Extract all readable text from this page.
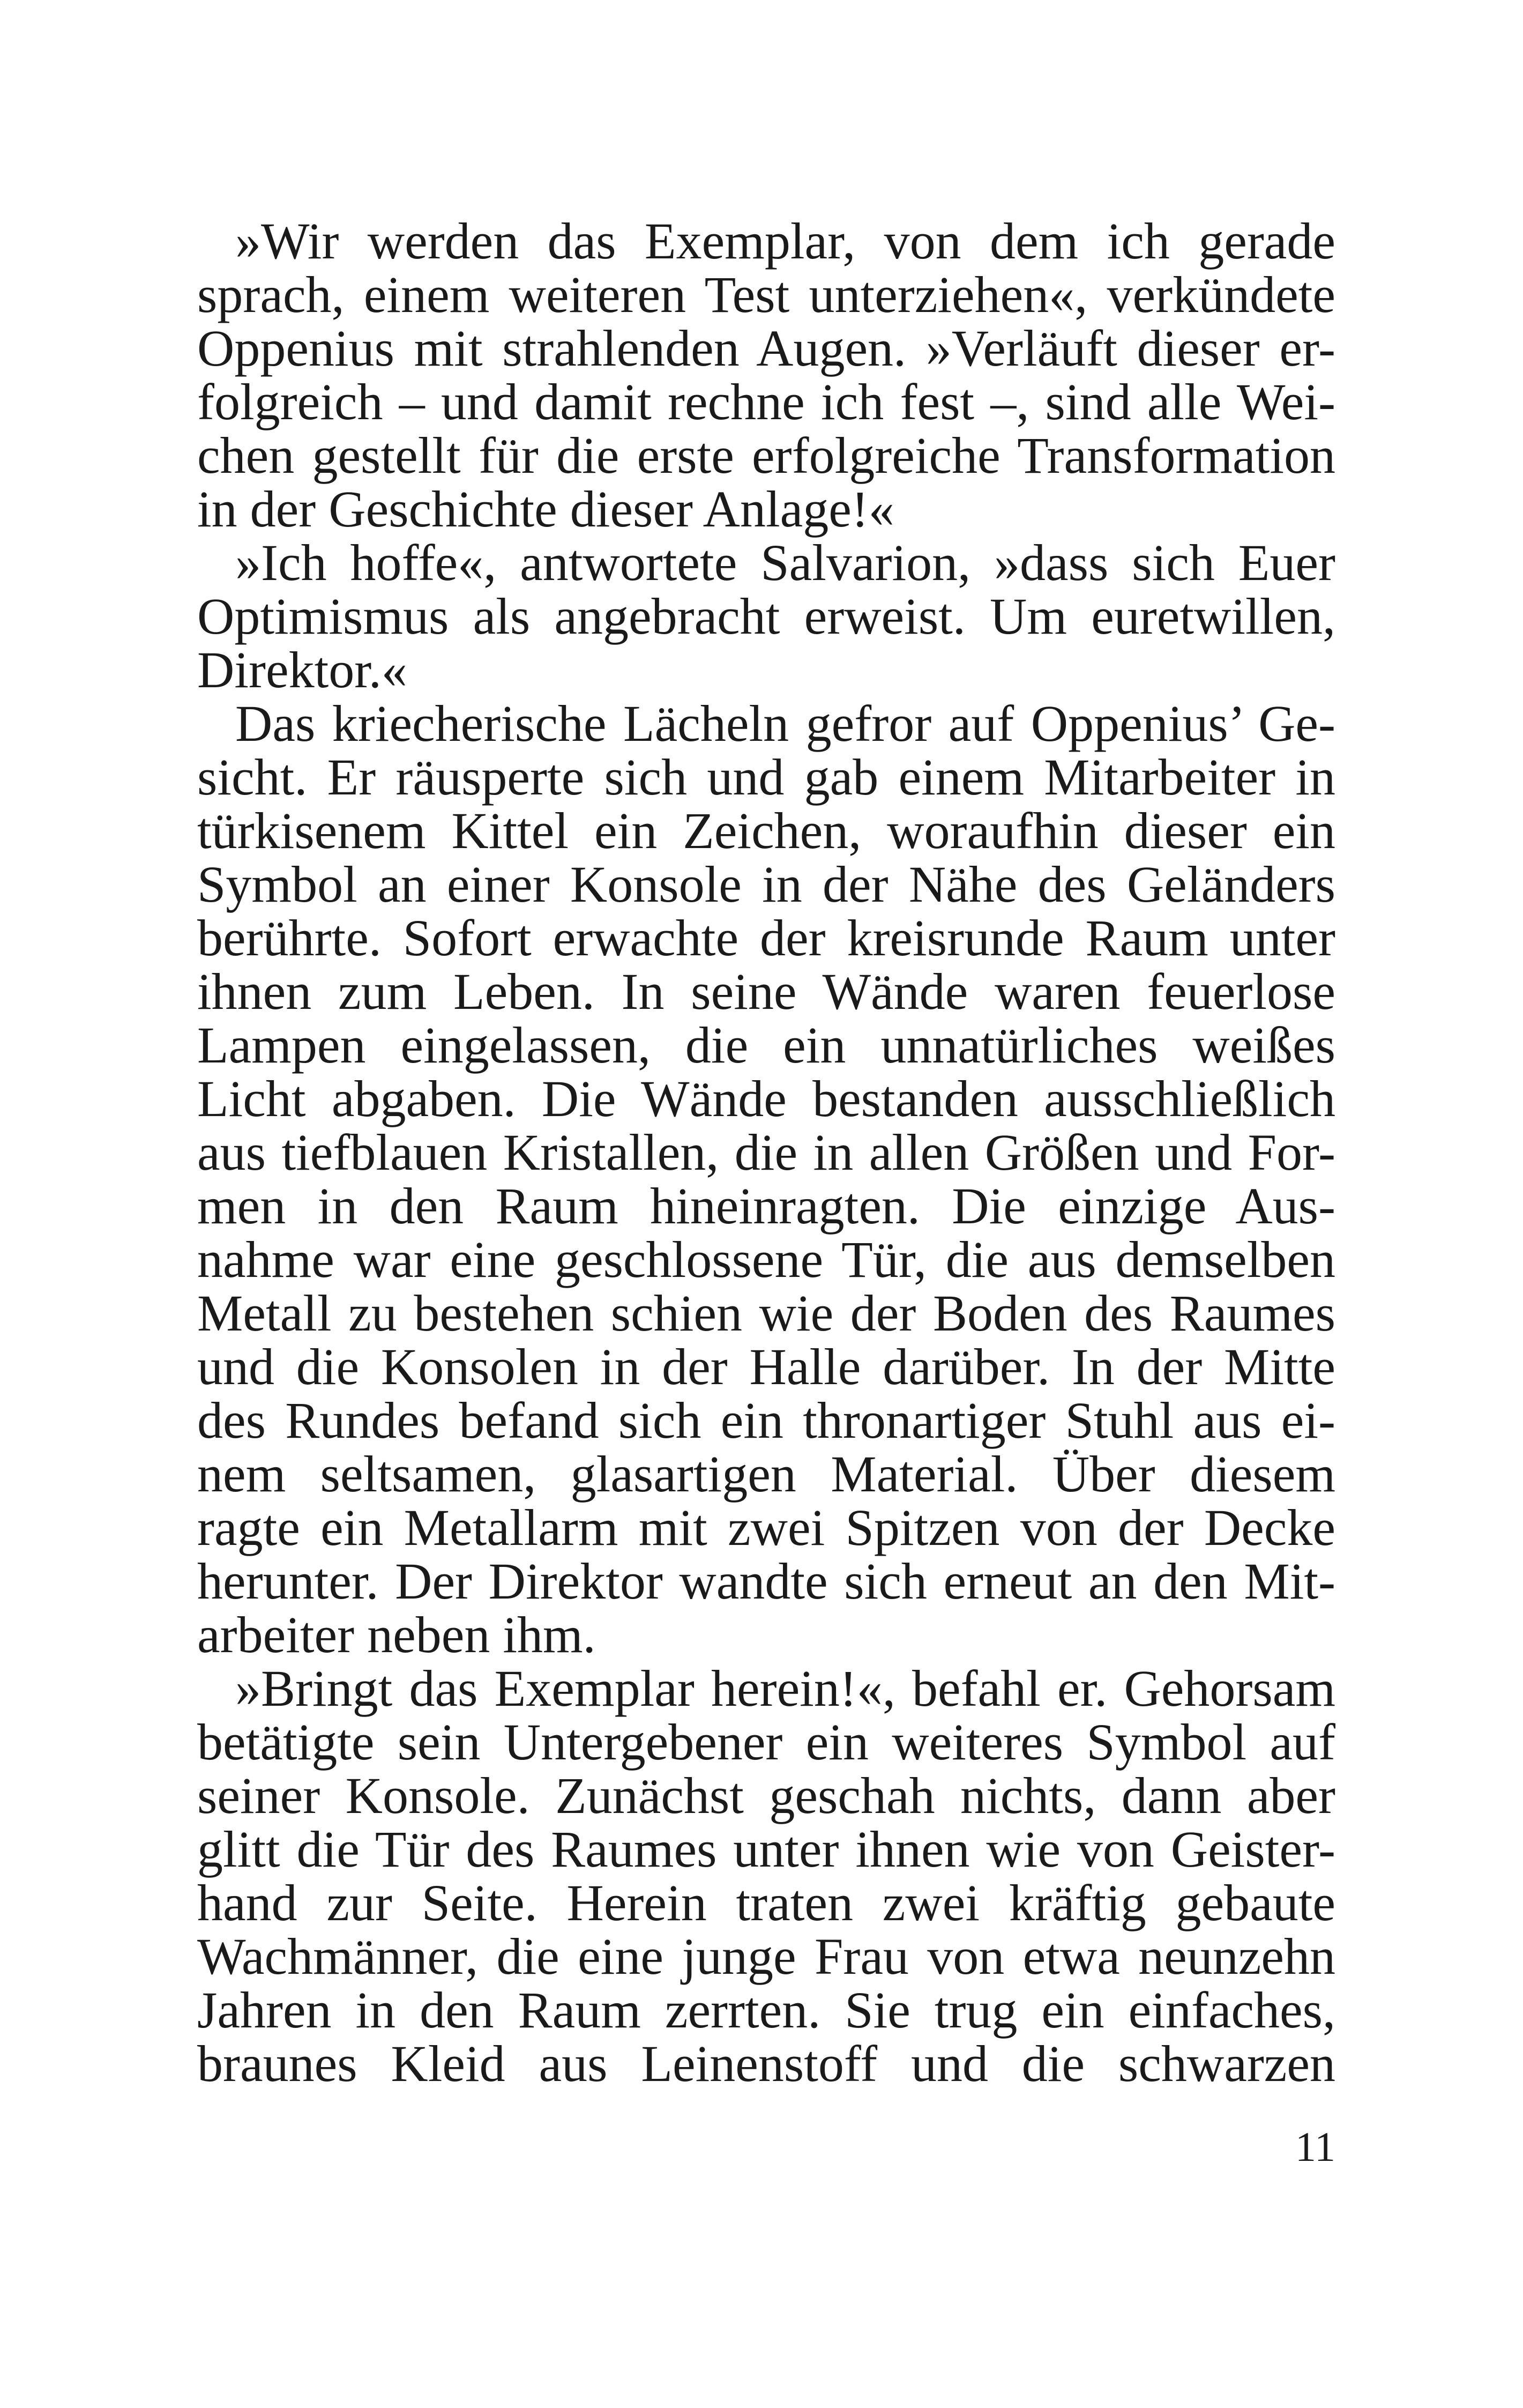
»Wir werden das Exemplar, von dem ich gerade
sprach, einem weiteren Test unterziehen«, verkündete
Oppenius mit strahlenden Augen. »Verläuft dieser er-
folgreich – und damit rechne ich fest –, sind alle Wei-
chen gestellt für die erste erfolgreiche Transformation
in der Geschichte dieser Anlage!«
»Ich hoffe«, antwortete Salvarion, »dass sich Euer
Optimismus als angebracht erweist. Um euretwillen,
Direktor.«
Das kriecherische Lächeln gefror auf Oppenius’ Ge-
sicht. Er räusperte sich und gab einem Mitarbeiter in
türkisenem Kittel ein Zeichen, woraufhin dieser ein
Symbol an einer Konsole in der Nähe des Geländers
berührte. Sofort erwachte der kreisrunde Raum unter
ihnen zum Leben. In seine Wände waren feuerlose
Lampen eingelassen, die ein unnatürliches weißes
Licht abgaben. Die Wände bestanden ausschließlich
aus tiefblauen Kristallen, die in allen Größen und For-
men in den Raum hineinragten. Die einzige Aus-
nahme war eine geschlossene Tür, die aus demselben
Metall zu bestehen schien wie der Boden des Raumes
und die Konsolen in der Halle darüber. In der Mitte
des Rundes befand sich ein thronartiger Stuhl aus ei-
nem seltsamen, glasartigen Material. Über diesem
ragte ein Metallarm mit zwei Spitzen von der Decke
herunter. Der Direktor wandte sich erneut an den Mit-
arbeiter neben ihm.
»Bringt das Exemplar herein!«, befahl er. Gehorsam
betätigte sein Untergebener ein weiteres Symbol auf
seiner Konsole. Zunächst geschah nichts, dann aber
glitt die Tür des Raumes unter ihnen wie von Geister-
hand zur Seite. Herein traten zwei kräftig gebaute
Wachmänner, die eine junge Frau von etwa neunzehn
Jahren in den Raum zerrten. Sie trug ein einfaches,
braunes Kleid aus Leinenstoff und die schwarzen
11
